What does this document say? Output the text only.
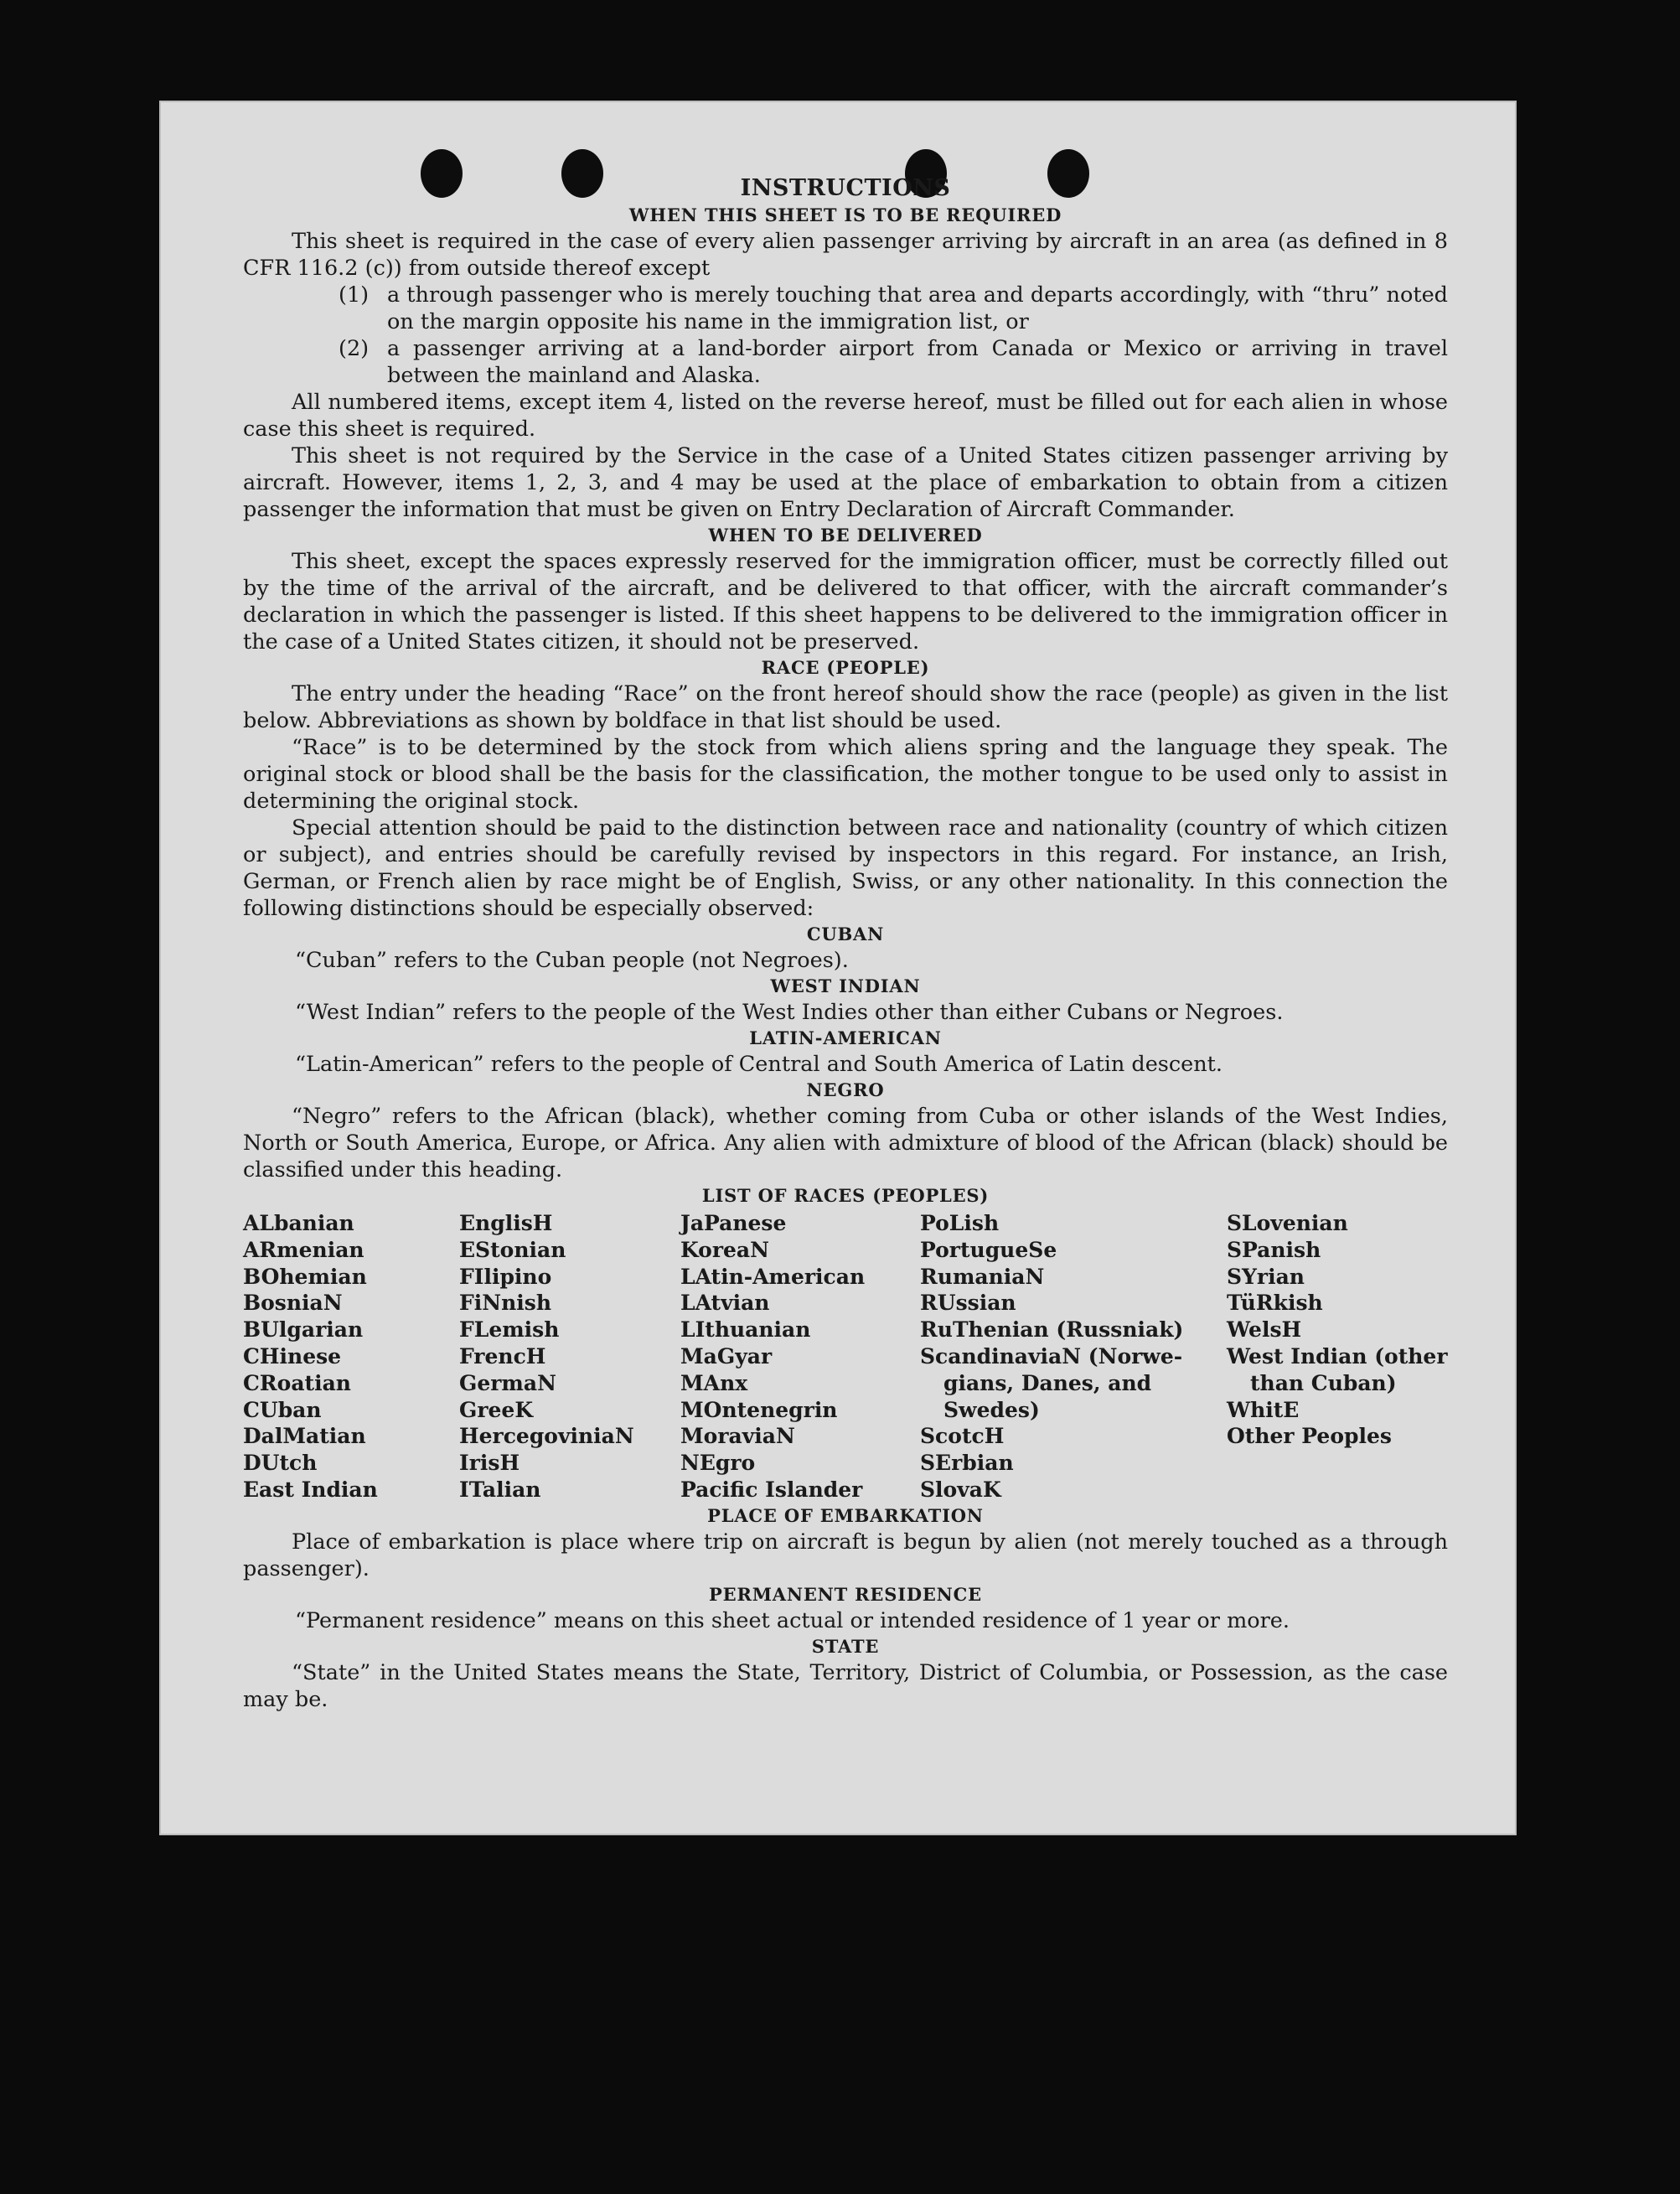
INSTRUCTIONS
WHEN THIS SHEET IS TO BE REQUIRED

This sheet is required in the case of every alien passenger arriving by aircraft in an area (as defined in 8 CFR 116.2 (c)) from outside thereof except

(1) a through passenger who is merely touching that area and departs accordingly, with “thru” noted on the margin opposite his name in the immigration list, or
(2) a passenger arriving at a land-border airport from Canada or Mexico or arriving in travel between the mainland and Alaska.

All numbered items, except item 4, listed on the reverse hereof, must be filled out for each alien in whose case this sheet is required.

This sheet is not required by the Service in the case of a United States citizen passenger arriving by aircraft. However, items 1, 2, 3, and 4 may be used at the place of embarkation to obtain from a citizen passenger the information that must be given on Entry Declaration of Aircraft Commander.

WHEN TO BE DELIVERED

This sheet, except the spaces expressly reserved for the immigration officer, must be correctly filled out by the time of the arrival of the aircraft, and be delivered to that officer, with the aircraft commander’s declaration in which the passenger is listed. If this sheet happens to be delivered to the immigration officer in the case of a United States citizen, it should not be preserved.

RACE (PEOPLE)

The entry under the heading “Race” on the front hereof should show the race (people) as given in the list below. Abbreviations as shown by boldface in that list should be used.

“Race” is to be determined by the stock from which aliens spring and the language they speak. The original stock or blood shall be the basis for the classification, the mother tongue to be used only to assist in determining the original stock.

Special attention should be paid to the distinction between race and nationality (country of which citizen or subject), and entries should be carefully revised by inspectors in this regard. For instance, an Irish, German, or French alien by race might be of English, Swiss, or any other nationality. In this connection the following distinctions should be especially observed:

CUBAN

“Cuban” refers to the Cuban people (not Negroes).

WEST INDIAN

“West Indian” refers to the people of the West Indies other than either Cubans or Negroes.

LATIN-AMERICAN

“Latin-American” refers to the people of Central and South America of Latin descent.

NEGRO

“Negro” refers to the African (black), whether coming from Cuba or other islands of the West Indies, North or South America, Europe, or Africa. Any alien with admixture of blood of the African (black) should be classified under this heading.

LIST OF RACES (PEOPLES)
ALbanian
ARmenian
BOhemian
BosniaN
BUlgarian
CHinese
CRoatian
CUban
DalMatian
DUtch
East Indian
EnglisH
EStonian
FIlipino
FiNnish
FLemish
FrencH
GermaN
GreeK
HercegoviniaN
IrisH
ITalian
JaPanese
KoreaN
LAtin-American
LAtvian
LIthuanian
MaGyar
MAnx
MOntenegrin
MoraviaN
NEgro
Pacific Islander
PoLish
PortugueSe
RumaniaN
RUssian
RuThenian (Russniak)
ScandinaviaN (Norwe-
gians, Danes, and
Swedes)
ScotcH
SErbian
SlovaK
SLovenian
SPanish
SYrian
TüRkish
WelsH
West Indian (other
than Cuban)
WhitE
Other Peoples
PLACE OF EMBARKATION

Place of embarkation is place where trip on aircraft is begun by alien (not merely touched as a through passenger).

PERMANENT RESIDENCE

“Permanent residence” means on this sheet actual or intended residence of 1 year or more.

STATE

“State” in the United States means the State, Territory, District of Columbia, or Possession, as the case may be.
